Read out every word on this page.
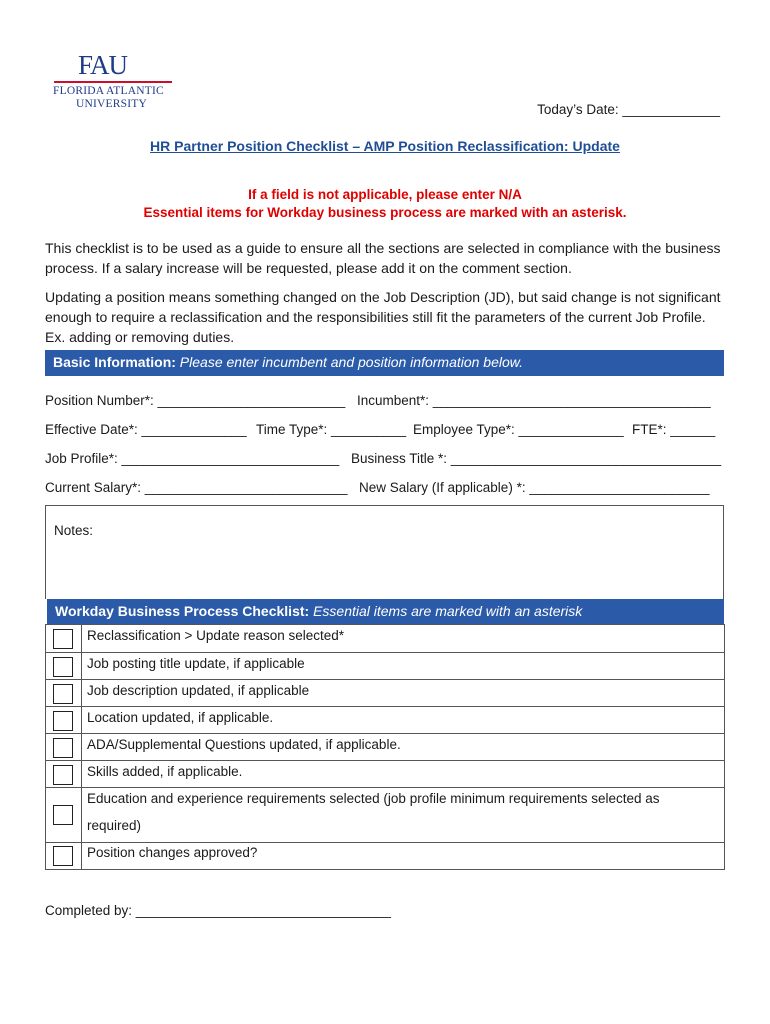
FAU
FLORIDA ATLANTIC
UNIVERSITY	Today’s Date: _____________
HR Partner Position Checklist – AMP Position Reclassification: Update
If a field is not applicable, please enter N/A
Essential items for Workday business process are marked with an asterisk.
This checklist is to be used as a guide to ensure all the sections are selected in compliance with the business process. If a salary increase will be requested, please add it on the comment section.
Updating a position means something changed on the Job Description (JD), but said change is not significant enough to require a reclassification and the responsibilities still fit the parameters of the current Job Profile. Ex. adding or removing duties.
Basic Information: Please enter incumbent and position information below.
Position Number*: _________________________ Incumbent*: _____________________________________
Effective Date*: ______________ Time Type*: __________ Employee Type*: ______________ FTE*: ______
Job Profile*: _____________________________ Business Title *: ____________________________________
Current Salary*: ___________________________ New Salary (If applicable) *: ________________________
Notes:
Workday Business Process Checklist: Essential items are marked with an asterisk
Reclassification > Update reason selected*
Job posting title update, if applicable
Job description updated, if applicable
Location updated, if applicable.
ADA/Supplemental Questions updated, if applicable.
Skills added, if applicable.
Education and experience requirements selected (job profile minimum requirements selected as required)
Position changes approved?
Completed by: __________________________________
